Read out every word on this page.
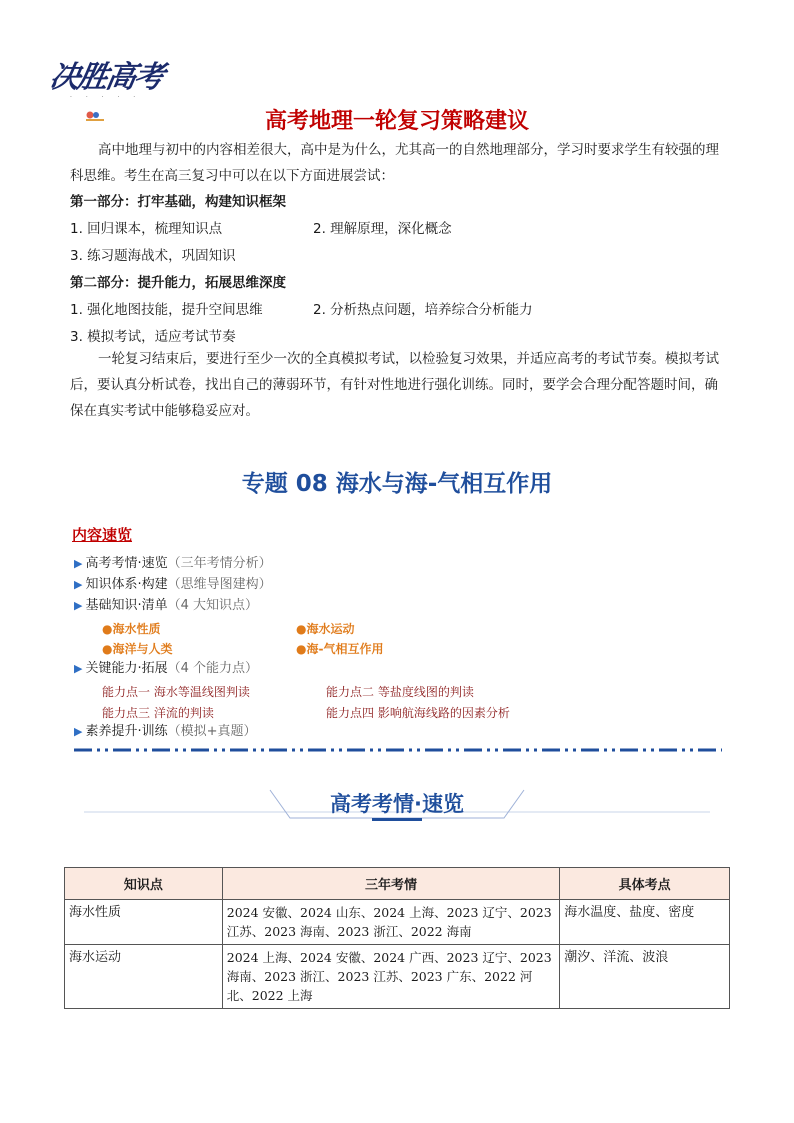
决胜高考
· · · · ·
高考地理一轮复习策略建议
高中地理与初中的内容相差很大，高中是为什么，尤其高一的自然地理部分，学习时要求学生有较强的理科思维。考生在高三复习中可以在以下方面进展尝试：
第一部分：打牢基础，构建知识框架
1. 回归课本，梳理知识点	2. 理解原理，深化概念
3. 练习题海战术，巩固知识
第二部分：提升能力，拓展思维深度
1. 强化地图技能，提升空间思维	2. 分析热点问题，培养综合分析能力
3. 模拟考试，适应考试节奏
一轮复习结束后，要进行至少一次的全真模拟考试，以检验复习效果，并适应高考的考试节奏。模拟考试后，要认真分析试卷，找出自己的薄弱环节，有针对性地进行强化训练。同时，要学会合理分配答题时间，确保在真实考试中能够稳妥应对。
专题 08 海水与海-气相互作用
内容速览
▶ 高考考情·速览（三年考情分析）
▶ 知识体系·构建（思维导图建构）
▶ 基础知识·清单（4 大知识点）
●海水性质	●海水运动
●海洋与人类	●海-气相互作用
▶ 关键能力·拓展（4 个能力点）
能力点一 海水等温线图判读	能力点二 等盐度线图的判读
能力点三 洋流的判读	能力点四 影响航海线路的因素分析
▶ 素养提升·训练（模拟+真题）
高考考情·速览
知识点	三年考情	具体考点
海水性质	2024 安徽、2024 山东、2024 上海、2023 辽宁、2023 江苏、2023 海南、2023 浙江、2022 海南	海水温度、盐度、密度
海水运动	2024 上海、2024 安徽、2024 广西、2023 辽宁、2023 海南、2023 浙江、2023 江苏、2023 广东、2022 河北、2022 上海	潮汐、洋流、波浪
